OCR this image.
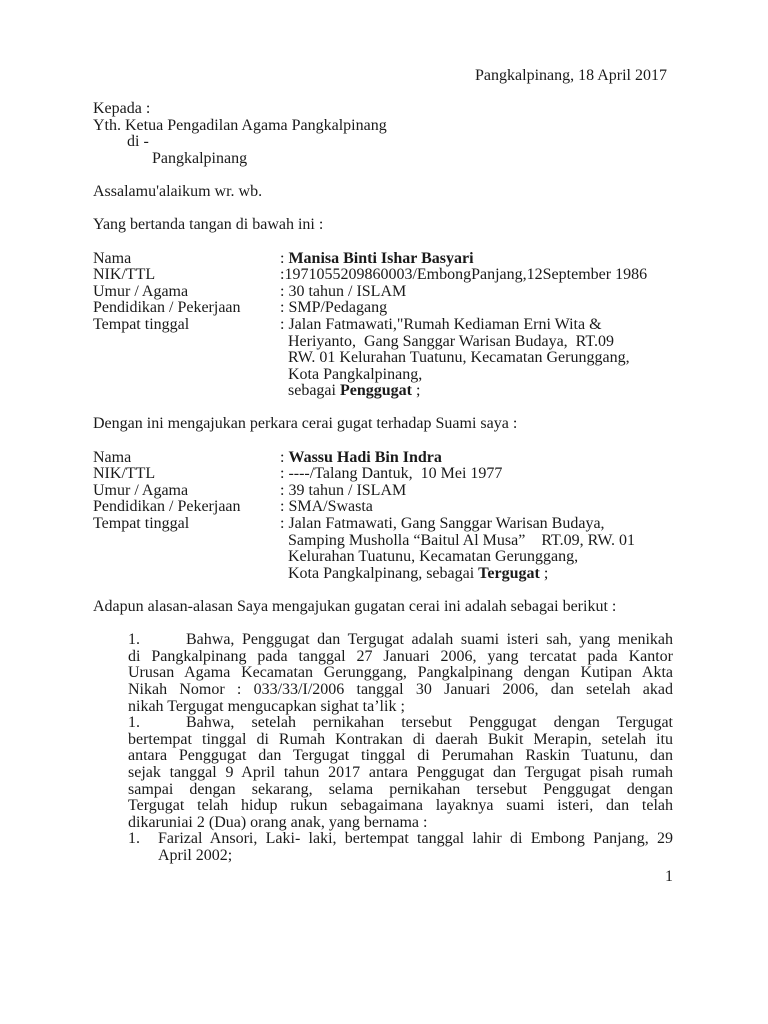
Pangkalpinang, 18 April 2017
Kepada :
Yth. Ketua Pengadilan Agama Pangkalpinang
di -
Pangkalpinang
Assalamu'alaikum wr. wb.
Yang bertanda tangan di bawah ini :
Nama	: Manisa Binti Ishar Basyari
NIK/TTL	:1971055209860003/EmbongPanjang,12September 1986
Umur / Agama	: 30 tahun / ISLAM
Pendidikan / Pekerjaan	: SMP/Pedagang
Tempat tinggal	: Jalan Fatmawati,"Rumah Kediaman Erni Wita &
Heriyanto,  Gang Sanggar Warisan Budaya,  RT.09
RW. 01 Kelurahan Tuatunu, Kecamatan Gerunggang,
Kota Pangkalpinang,
sebagai Penggugat ;
Dengan ini mengajukan perkara cerai gugat terhadap Suami saya :
Nama	: Wassu Hadi Bin Indra
NIK/TTL	: ----/Talang Dantuk,  10 Mei 1977
Umur / Agama	: 39 tahun / ISLAM
Pendidikan / Pekerjaan	: SMA/Swasta
Tempat tinggal	: Jalan Fatmawati, Gang Sanggar Warisan Budaya,
Samping Musholla “Baitul Al Musa”    RT.09, RW. 01
Kelurahan Tuatunu, Kecamatan Gerunggang,
Kota Pangkalpinang, sebagai Tergugat ;
Adapun alasan-alasan Saya mengajukan gugatan cerai ini adalah sebagai berikut :
1.	Bahwa, Penggugat dan Tergugat adalah suami isteri sah, yang menikah
di Pangkalpinang pada tanggal 27 Januari 2006, yang tercatat pada Kantor
Urusan Agama Kecamatan Gerunggang, Pangkalpinang dengan Kutipan Akta
Nikah Nomor : 033/33/I/2006 tanggal 30 Januari 2006, dan setelah akad
nikah Tergugat mengucapkan sighat ta’lik ;
1.	Bahwa, setelah pernikahan tersebut Penggugat dengan Tergugat
bertempat tinggal di Rumah Kontrakan di daerah Bukit Merapin, setelah itu
antara Penggugat dan Tergugat tinggal di Perumahan Raskin Tuatunu, dan
sejak tanggal 9 April tahun 2017 antara Penggugat dan Tergugat pisah rumah
sampai dengan sekarang, selama pernikahan tersebut Penggugat dengan
Tergugat telah hidup rukun sebagaimana layaknya suami isteri, dan telah
dikaruniai 2 (Dua) orang anak, yang bernama :
1.	Farizal Ansori, Laki- laki, bertempat tanggal lahir di Embong Panjang, 29
April 2002;
1
